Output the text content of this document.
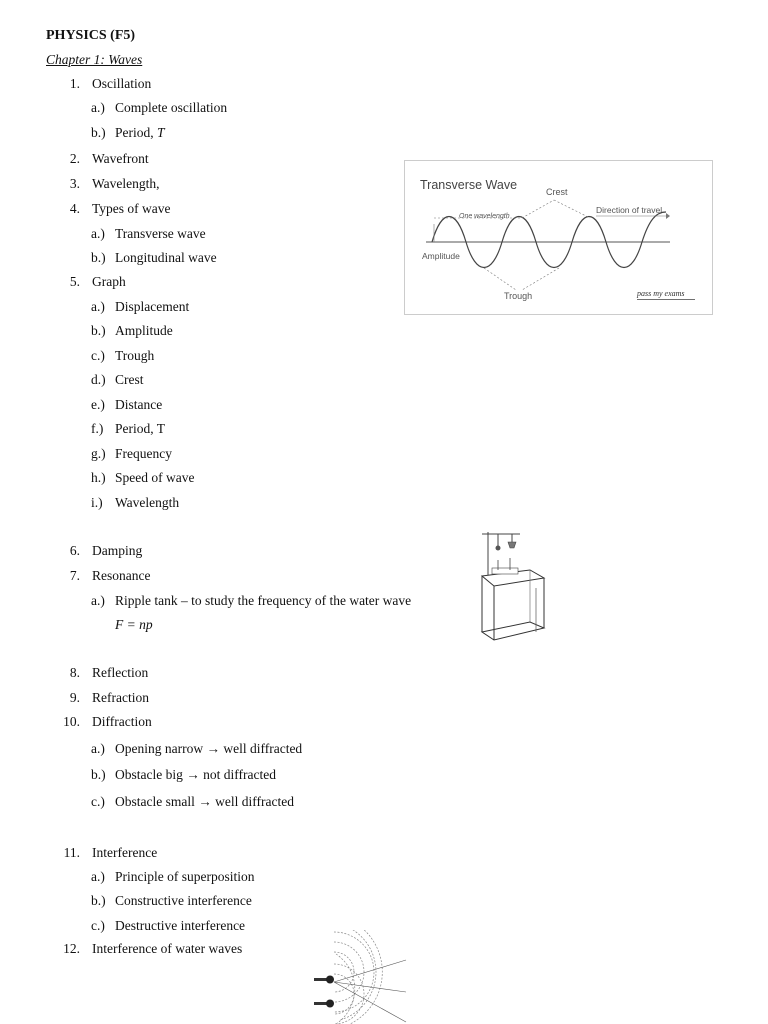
PHYSICS (F5)
Chapter 1: Waves
1. Oscillation
a.) Complete oscillation
b.) Period, T
2. Wavefront
3. Wavelength,
4. Types of wave
a.) Transverse wave
b.) Longitudinal wave
5. Graph
a.) Displacement
b.) Amplitude
c.) Trough
d.) Crest
e.) Distance
f.) Period, T
g.) Frequency
h.) Speed of wave
i.) Wavelength
6. Damping
7. Resonance
a.) Ripple tank – to study the frequency of the water wave
F = np
8. Reflection
9. Refraction
10. Diffraction
a.) Opening narrow → well diffracted
b.) Obstacle big → not diffracted
c.) Obstacle small → well diffracted
11. Interference
a.) Principle of superposition
b.) Constructive interference
c.) Destructive interference
12. Interference of water waves
Transverse Wave	Crest
One wavelength
Direction of travel
Amplitude
Trough	pass my exams
